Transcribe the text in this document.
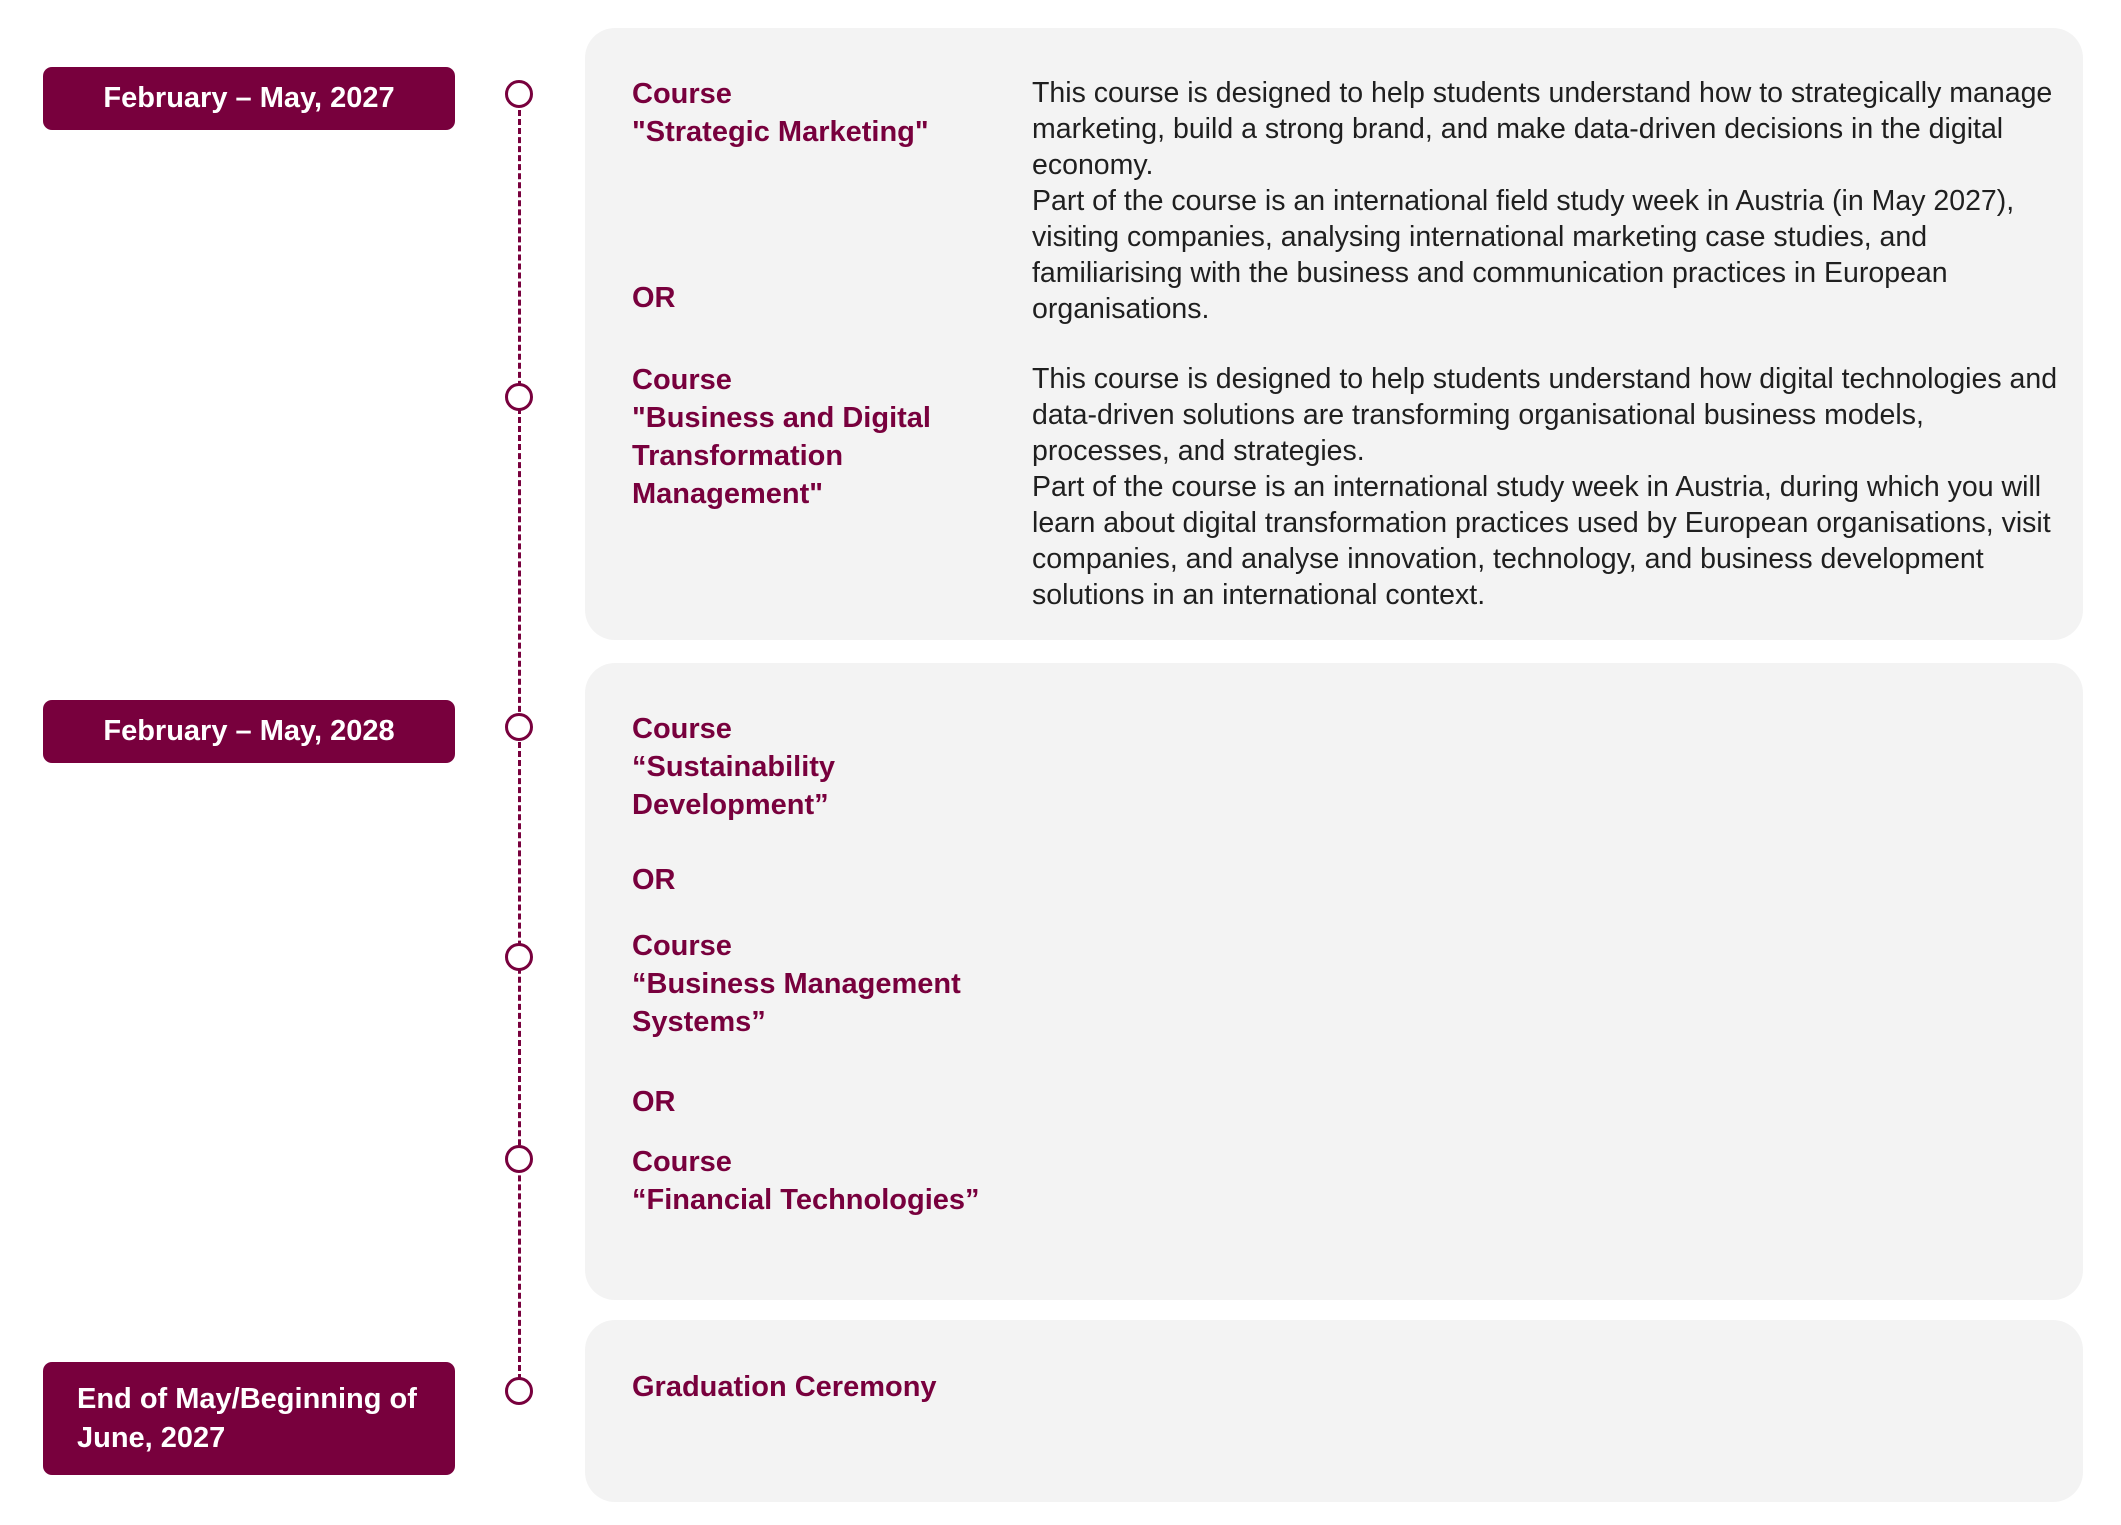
February – May, 2027
February – May, 2028
End of May/Beginning of June, 2027
Course
"Strategic Marketing"

This course is designed to help students understand how to strategically manage marketing, build a strong brand, and make data-driven decisions in the digital economy.

Part of the course is an international field study week in Austria (in May 2027), visiting companies, analysing international marketing case studies, and familiarising with the business and communication practices in European organisations.

OR
Course
"Business and Digital
Transformation
Management"

This course is designed to help students understand how digital technologies and data-driven solutions are transforming organisational business models, processes, and strategies.

Part of the course is an international study week in Austria, during which you will learn about digital transformation practices used by European organisations, visit companies, and analyse innovation, technology, and business development solutions in an international context.

Course
“Sustainability
Development”
OR
Course
“Business Management
Systems”
OR
Course
“Financial Technologies”
Graduation Ceremony
